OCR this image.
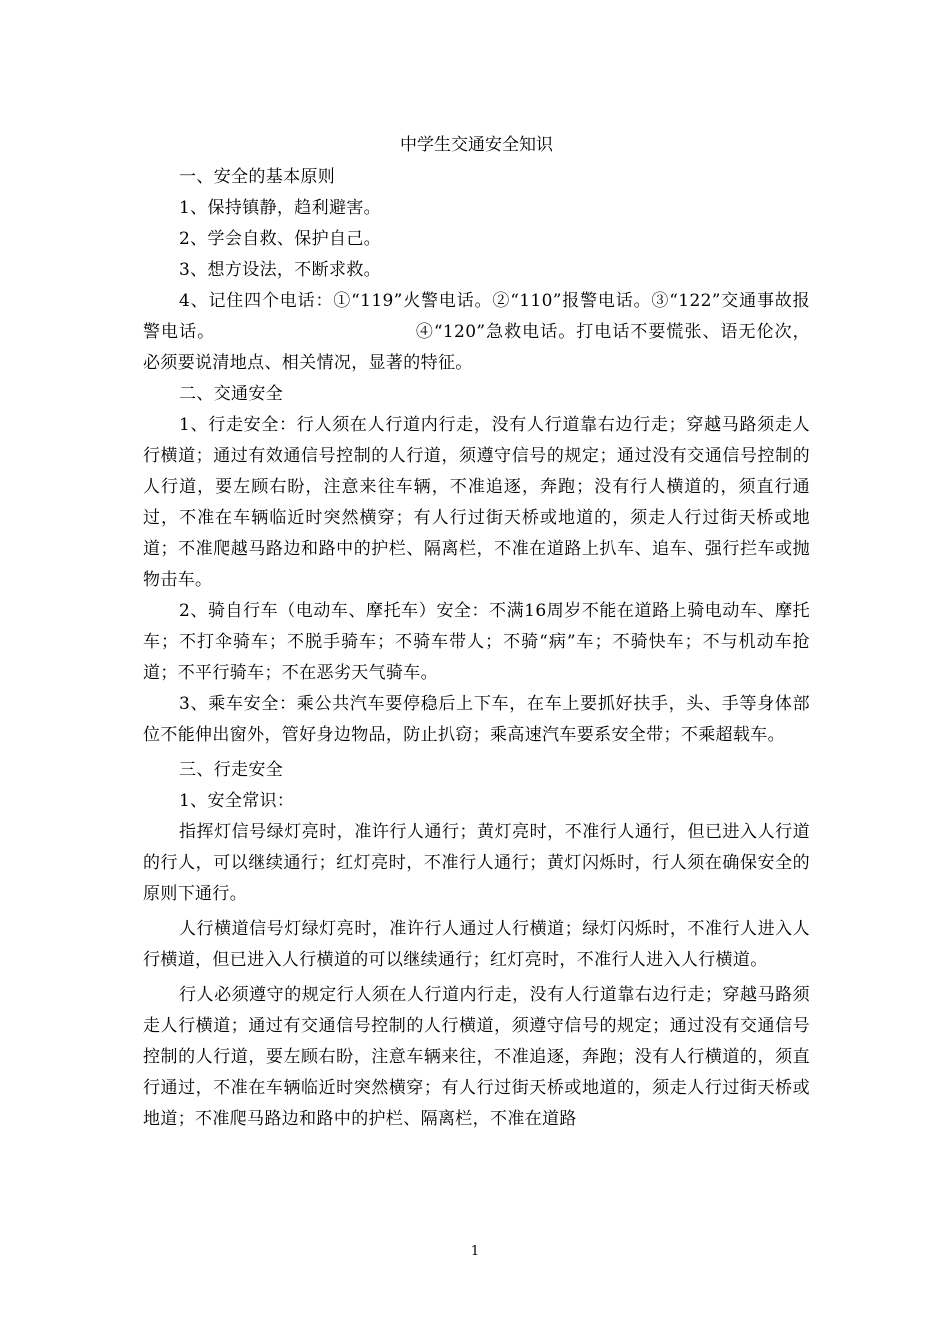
中学生交通安全知识

一、安全的基本原则

1、保持镇静，趋利避害。

2、学会自救、保护自己。

3、想方设法，不断求救。

4、记住四个电话：①“119”火警电话。②“110”报警电话。③“122”交通事故报警电话。	④“120”急救电话。打电话不要慌张、语无伦次，必须要说清地点、相关情况，显著的特征。

二、交通安全

1、行走安全：行人须在人行道内行走，没有人行道靠右边行走；穿越马路须走人行横道；通过有效通信号控制的人行道，须遵守信号的规定；通过没有交通信号控制的人行道，要左顾右盼，注意来往车辆，不准追逐，奔跑；没有行人横道的，须直行通过，不准在车辆临近时突然横穿；有人行过街天桥或地道的，须走人行过街天桥或地道；不准爬越马路边和路中的护栏、隔离栏，不准在道路上扒车、追车、强行拦车或抛物击车。

2、骑自行车（电动车、摩托车）安全：不满16周岁不能在道路上骑电动车、摩托车；不打伞骑车；不脱手骑车；不骑车带人；不骑“病”车；不骑快车；不与机动车抢道；不平行骑车；不在恶劣天气骑车。

3、乘车安全：乘公共汽车要停稳后上下车，在车上要抓好扶手，头、手等身体部位不能伸出窗外，管好身边物品，防止扒窃；乘高速汽车要系安全带；不乘超载车。

三、行走安全

1、安全常识：

指挥灯信号绿灯亮时，准许行人通行；黄灯亮时，不准行人通行，但已进入人行道的行人，可以继续通行；红灯亮时，不准行人通行；黄灯闪烁时，行人须在确保安全的原则下通行。

人行横道信号灯绿灯亮时，准许行人通过人行横道；绿灯闪烁时，不准行人进入人行横道，但已进入人行横道的可以继续通行；红灯亮时，不准行人进入人行横道。

行人必须遵守的规定行人须在人行道内行走，没有人行道靠右边行走；穿越马路须走人行横道；通过有交通信号控制的人行横道，须遵守信号的规定；通过没有交通信号控制的人行道，要左顾右盼，注意车辆来往，不准追逐，奔跑；没有人行横道的，须直行通过，不准在车辆临近时突然横穿；有人行过街天桥或地道的，须走人行过街天桥或地道；不准爬马路边和路中的护栏、隔离栏，不准在道路

1
